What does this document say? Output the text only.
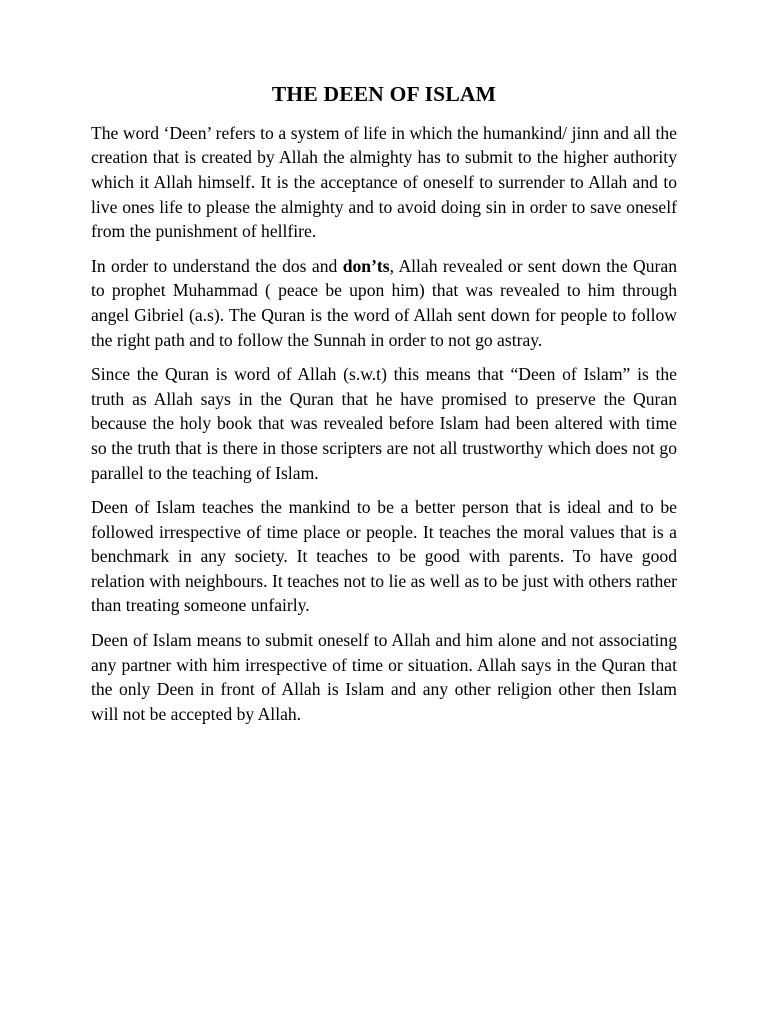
THE DEEN OF ISLAM

The word ‘Deen’ refers to a system of life in which the humankind/ jinn and all the creation that is created by Allah the almighty has to submit to the higher authority which it Allah himself. It is the acceptance of oneself to surrender to Allah and to live ones life to please the almighty and to avoid doing sin in order to save oneself from the punishment of hellfire.

In order to understand the dos and don’ts, Allah revealed or sent down the Quran to prophet Muhammad ( peace be upon him) that was revealed to him through angel Gibriel (a.s). The Quran is the word of Allah sent down for people to follow the right path and to follow the Sunnah in order to not go astray.

Since the Quran is word of Allah (s.w.t) this means that “Deen of Islam” is the truth as Allah says in the Quran that he have promised to preserve the Quran because the holy book that was revealed before Islam had been altered with time so the truth that is there in those scripters are not all trustworthy which does not go parallel to the teaching of Islam.

Deen of Islam teaches the mankind to be a better person that is ideal and to be followed irrespective of time place or people. It teaches the moral values that is a benchmark in any society. It teaches to be good with parents. To have good relation with neighbours. It teaches not to lie as well as to be just with others rather than treating someone unfairly.

Deen of Islam means to submit oneself to Allah and him alone and not associating any partner with him irrespective of time or situation. Allah says in the Quran that the only Deen in front of Allah is Islam and any other religion other then Islam will not be accepted by Allah.
